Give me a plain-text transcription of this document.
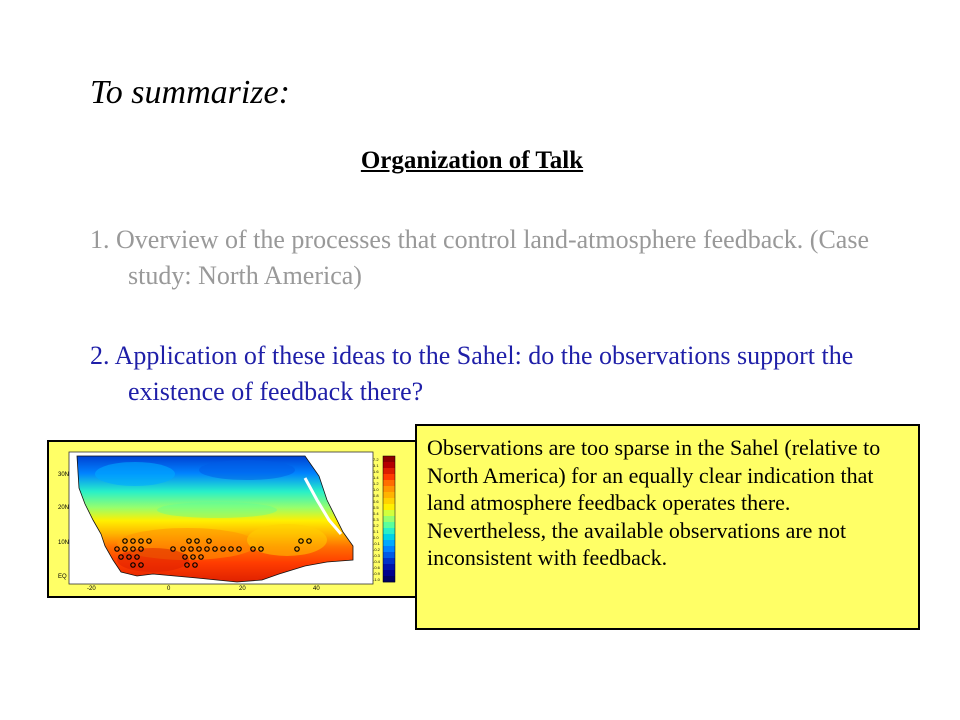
To summarize:
Organization of Talk
1. Overview of the processes that control land-atmosphere feedback. (Case study: North America)
2. Application of these ideas to the Sahel: do the observations support the existence of feedback there?
30N
20N
10N
EQ
-20	0	20	40
7.2
3.1
1.6
1.4
1.2
1.0
0.8
0.6
0.5
0.4
0.3
0.2
0.1
0.0
-0.1
-0.2
-0.3
-0.4
-0.6
-0.9
-1.0
Observations are too sparse in the Sahel (relative to North America) for an equally clear indication that land atmosphere feedback operates there. Nevertheless, the available observations are not inconsistent with feedback.
